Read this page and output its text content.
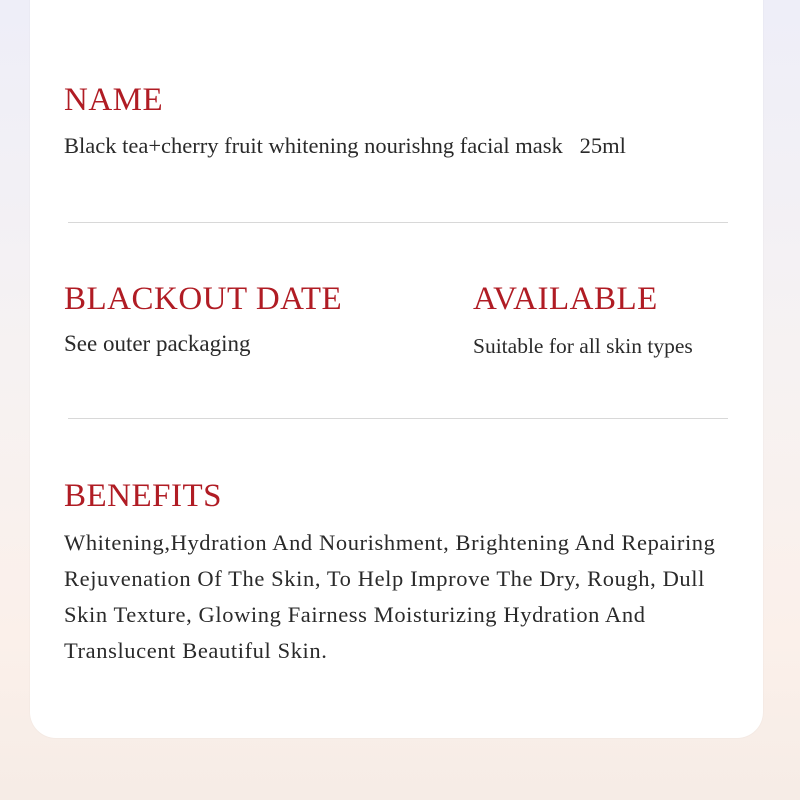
NAME
Black tea+cherry fruit whitening nourishng facial mask   25ml
BLACKOUT DATE
See outer packaging
AVAILABLE
Suitable for all skin types
BENEFITS
Whitening,Hydration And Nourishment, Brightening And Repairing Rejuvenation Of The Skin, To Help Improve The Dry, Rough, Dull Skin Texture, Glowing Fairness Moisturizing Hydration And Translucent Beautiful Skin.
